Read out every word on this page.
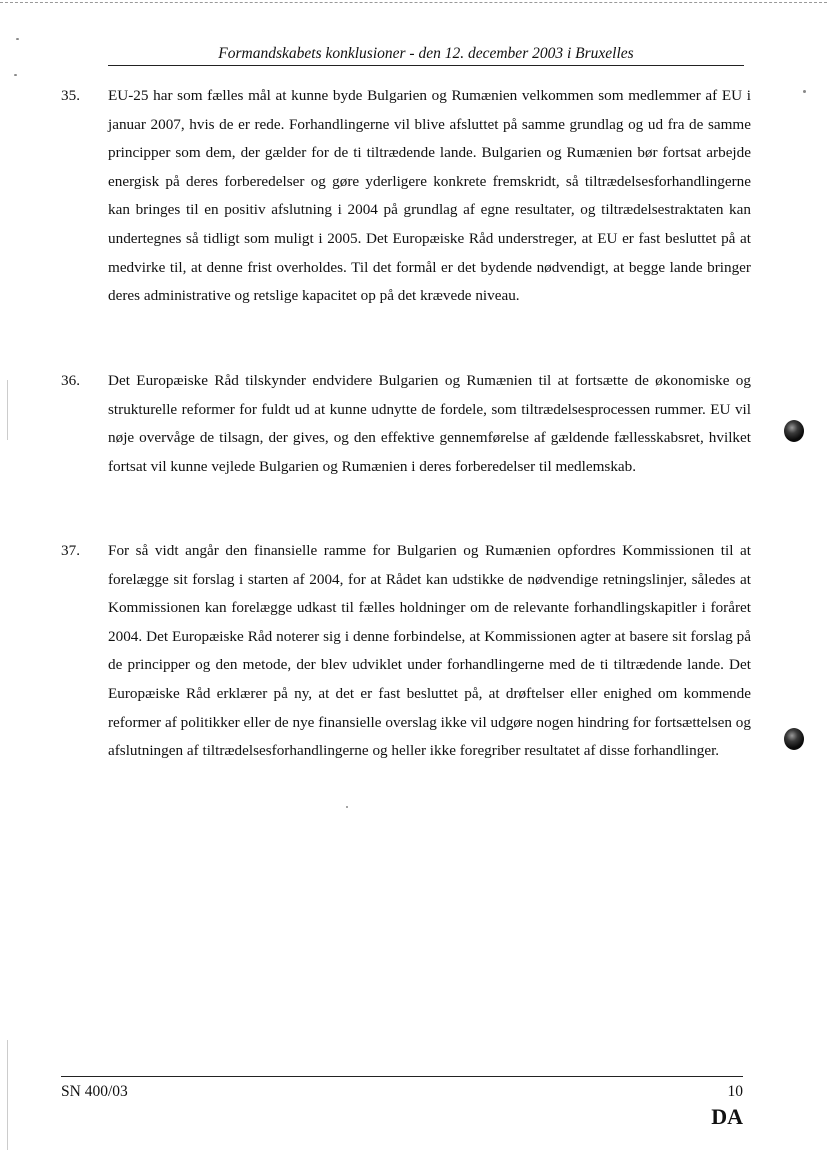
Formandskabets konklusioner - den 12. december 2003 i Bruxelles
35.	EU-25 har som fælles mål at kunne byde Bulgarien og Rumænien velkommen som medlemmer af EU i januar 2007, hvis de er rede. Forhandlingerne vil blive afsluttet på samme grundlag og ud fra de samme principper som dem, der gælder for de ti tiltrædende lande. Bulgarien og Rumænien bør fortsat arbejde energisk på deres forberedelser og gøre yderligere konkrete fremskridt, så tiltrædelsesforhandlingerne kan bringes til en positiv afslutning i 2004 på grundlag af egne resultater, og tiltrædelsestraktaten kan undertegnes så tidligt som muligt i 2005. Det Europæiske Råd understreger, at EU er fast besluttet på at medvirke til, at denne frist overholdes. Til det formål er det bydende nødvendigt, at begge lande bringer deres administrative og retslige kapacitet op på det krævede niveau.
36.	Det Europæiske Råd tilskynder endvidere Bulgarien og Rumænien til at fortsætte de økonomiske og strukturelle reformer for fuldt ud at kunne udnytte de fordele, som tiltrædelsesprocessen rummer. EU vil nøje overvåge de tilsagn, der gives, og den effektive gennemførelse af gældende fællesskabsret, hvilket fortsat vil kunne vejlede Bulgarien og Rumænien i deres forberedelser til medlemskab.
37.	For så vidt angår den finansielle ramme for Bulgarien og Rumænien opfordres Kommissionen til at forelægge sit forslag i starten af 2004, for at Rådet kan udstikke de nødvendige retningslinjer, således at Kommissionen kan forelægge udkast til fælles holdninger om de relevante forhandlingskapitler i foråret 2004. Det Europæiske Råd noterer sig i denne forbindelse, at Kommissionen agter at basere sit forslag på de principper og den metode, der blev udviklet under forhandlingerne med de ti tiltrædende lande. Det Europæiske Råd erklærer på ny, at det er fast besluttet på, at drøftelser eller enighed om kommende reformer af politikker eller de nye finansielle overslag ikke vil udgøre nogen hindring for fortsættelsen og afslutningen af tiltrædelsesforhandlingerne og heller ikke foregriber resultatet af disse forhandlinger.
SN 400/03	10
DA
